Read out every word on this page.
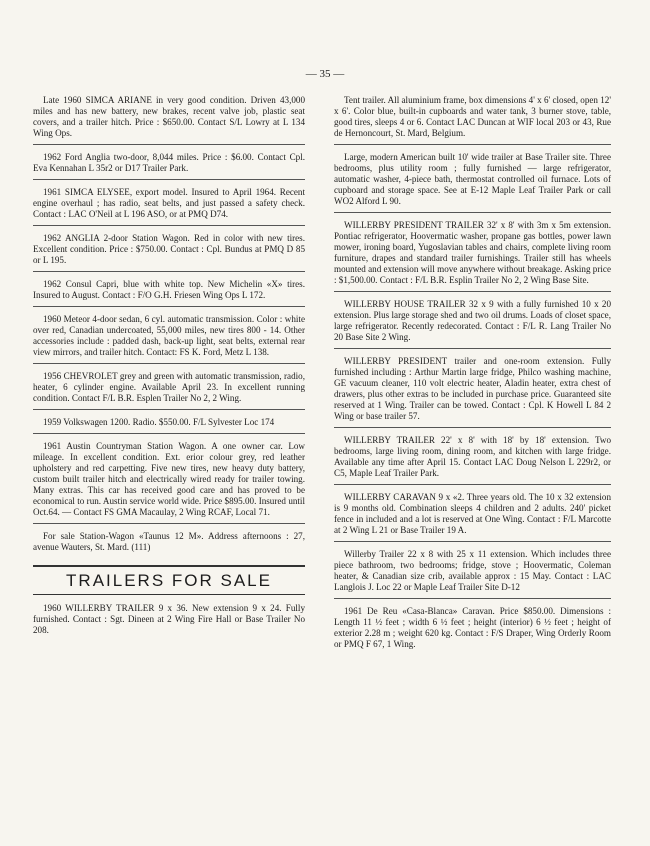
— 35 —

Late 1960 SIMCA ARIANE in very good condition. Driven 43,000 miles and has new battery, new brakes, recent valve job, plastic seat covers, and a trailer hitch. Price : $650.00. Contact S/L Lowry at L 134 Wing Ops.

1962 Ford Anglia two-door, 8,044 miles. Price : $6.00. Contact Cpl. Eva Kennahan L 35r2 or D17 Trailer Park.

1961 SIMCA ELYSEE, export model. Insured to April 1964. Recent engine overhaul ; has radio, seat belts, and just passed a safety check. Contact : LAC O'Neil at L 196 ASO, or at PMQ D74.

1962 ANGLIA 2-door Station Wagon. Red in color with new tires. Excellent condition. Price : $750.00. Contact : Cpl. Bundus at PMQ D 85 or L 195.

1962 Consul Capri, blue with white top. New Michelin «X» tires. Insured to August. Contact : F/O G.H. Friesen Wing Ops L 172.

1960 Meteor 4-door sedan, 6 cyl. automatic transmission. Color : white over red, Canadian undercoated, 55,000 miles, new tires 800 - 14. Other accessories include : padded dash, back-up light, seat belts, external rear view mirrors, and trailer hitch. Contact: FS K. Ford, Metz L 138.

1956 CHEVROLET grey and green with automatic transmission, radio, heater, 6 cylinder engine. Available April 23. In excellent running condition. Contact F/L B.R. Esplen Trailer No 2, 2 Wing.

1959 Volkswagen 1200. Radio. $550.00. F/L Sylvester Loc 174

1961 Austin Countryman Station Wagon. A one owner car. Low mileage. In excellent condition. Ext. erior colour grey, red leather upholstery and red carpetting. Five new tires, new heavy duty battery, custom built trailer hitch and electrically wired ready for trailer towing. Many extras. This car has received good care and has proved to be economical to run. Austin service world wide. Price $895.00. Insured until Oct.64. — Contact FS GMA Macaulay, 2 Wing RCAF, Local 71.

For sale Station-Wagon «Taunus 12 M». Address afternoons : 27, avenue Wauters, St. Mard. (111)

TRAILERS FOR SALE

1960 WILLERBY TRAILER 9 x 36. New extension 9 x 24. Fully furnished. Contact : Sgt. Dineen at 2 Wing Fire Hall or Base Trailer No 208.

Tent trailer. All aluminium frame, box dimensions 4' x 6' closed, open 12' x 6'. Color blue, built-in cupboards and water tank, 3 burner stove, table, good tires, sleeps 4 or 6. Contact LAC Duncan at WIF local 203 or 43, Rue de Hernoncourt, St. Mard, Belgium.

Large, modern American built 10' wide trailer at Base Trailer site. Three bedrooms, plus utility room ; fully furnished — large refrigerator, automatic washer, 4-piece bath, thermostat controlled oil furnace. Lots of cupboard and storage space. See at E-12 Maple Leaf Trailer Park or call WO2 Alford L 90.

WILLERBY PRESIDENT TRAILER 32' x 8' with 3m x 5m extension. Pontiac refrigerator, Hoovermatic washer, propane gas bottles, power lawn mower, ironing board, Yugoslavian tables and chairs, complete living room furniture, drapes and standard trailer furnishings. Trailer still has wheels mounted and extension will move anywhere without breakage. Asking price : $1,500.00. Contact : F/L B.R. Esplin Trailer No 2, 2 Wing Base Site.

WILLERBY HOUSE TRAILER 32 x 9 with a fully furnished 10 x 20 extension. Plus large storage shed and two oil drums. Loads of closet space, large refrigerator. Recently redecorated. Contact : F/L R. Lang Trailer No 20 Base Site 2 Wing.

WILLERBY PRESIDENT trailer and one-room extension. Fully furnished including : Arthur Martin large fridge, Philco washing machine, GE vacuum cleaner, 110 volt electric heater, Aladin heater, extra chest of drawers, plus other extras to be included in purchase price. Guaranteed site reserved at 1 Wing. Trailer can be towed. Contact : Cpl. K Howell L 84 2 Wing or base trailer 57.

WILLERBY TRAILER 22' x 8' with 18' by 18' extension. Two bedrooms, large living room, dining room, and kitchen with large fridge. Available any time after April 15. Contact LAC Doug Nelson L 229r2, or C5, Maple Leaf Trailer Park.

WILLERBY CARAVAN 9 x «2. Three years old. The 10 x 32 extension is 9 months old. Combination sleeps 4 children and 2 adults. 240' picket fence in included and a lot is reserved at One Wing. Contact : F/L Marcotte at 2 Wing L 21 or Base Trailer 19 A.

Willerby Trailer 22 x 8 with 25 x 11 extension. Which includes three piece bathroom, two bedrooms; fridge, stove ; Hoovermatic, Coleman heater, & Canadian size crib, available approx : 15 May. Contact : LAC Langlois J. Loc 22 or Maple Leaf Trailer Site D-12

1961 De Reu «Casa-Blanca» Caravan. Price $850.00. Dimensions : Length 11 ½ feet ; width 6 ½ feet ; height (interior) 6 ½ feet ; height of exterior 2.28 m ; weight 620 kg. Contact : F/S Draper, Wing Orderly Room or PMQ F 67, 1 Wing.
